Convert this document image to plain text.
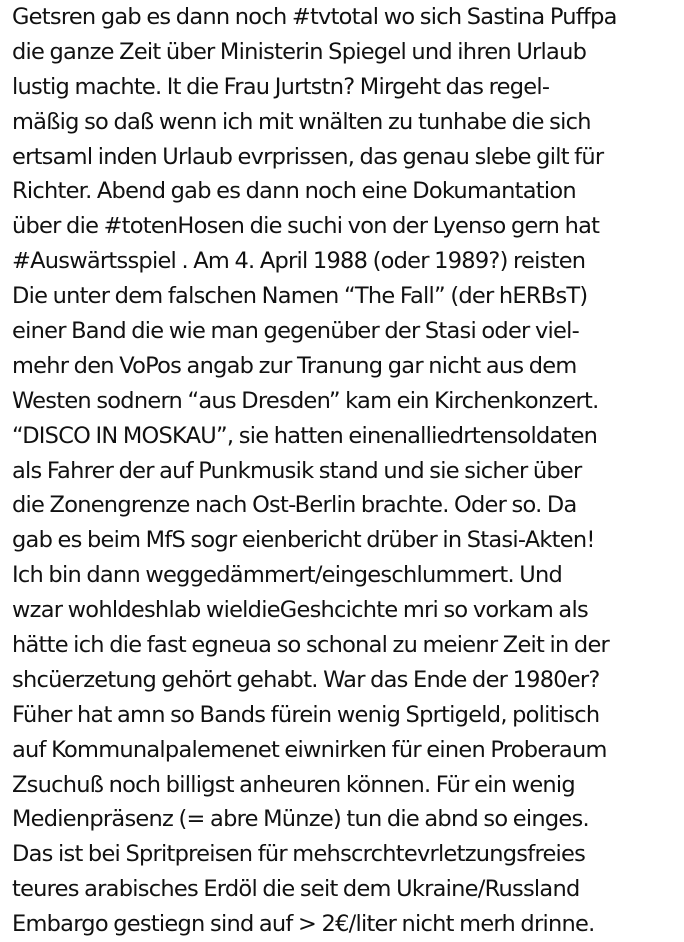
Getsren gab es dann noch #tvtotal wo sich Sastina Puffpa
die ganze Zeit über Ministerin Spiegel und ihren Urlaub
lustig machte. It die Frau Jurtstn? Mirgeht das regel-
mäßig so daß wenn ich mit wnälten zu tunhabe die sich
ertsaml inden Urlaub evrprissen, das genau slebe gilt für
Richter. Abend gab es dann noch eine Dokumantation
über die #totenHosen die suchi von der Lyenso gern hat
#Auswärtsspiel . Am 4. April 1988 (oder 1989?) reisten
Die unter dem falschen Namen “The Fall” (der hERBsT)
einer Band die wie man gegenüber der Stasi oder viel-
mehr den VoPos angab zur Tranung gar nicht aus dem
Westen sodnern “aus Dresden” kam ein Kirchenkonzert.
“DISCO IN MOSKAU”, sie hatten einenalliedrtensoldaten
als Fahrer der auf Punkmusik stand und sie sicher über
die Zonengrenze nach Ost-Berlin brachte. Oder so. Da
gab es beim MfS sogr eienbericht drüber in Stasi-Akten!
Ich bin dann weggedämmert/eingeschlummert. Und
wzar wohldeshlab wieldieGeshcichte mri so vorkam als
hätte ich die fast egneua so schonal zu meienr Zeit in der
shcüerzetung gehört gehabt. War das Ende der 1980er?
Füher hat amn so Bands fürein wenig Sprtigeld, politisch
auf Kommunalpalemenet eiwnirken für einen Proberaum
Zsuchuß noch billigst anheuren können. Für ein wenig
Medienpräsenz (= abre Münze) tun die abnd so einges.
Das ist bei Spritpreisen für mehscrchtevrletzungsfreies
teures arabisches Erdöl die seit dem Ukraine/Russland
Embargo gestiegn sind auf > 2€/liter nicht merh drinne.
